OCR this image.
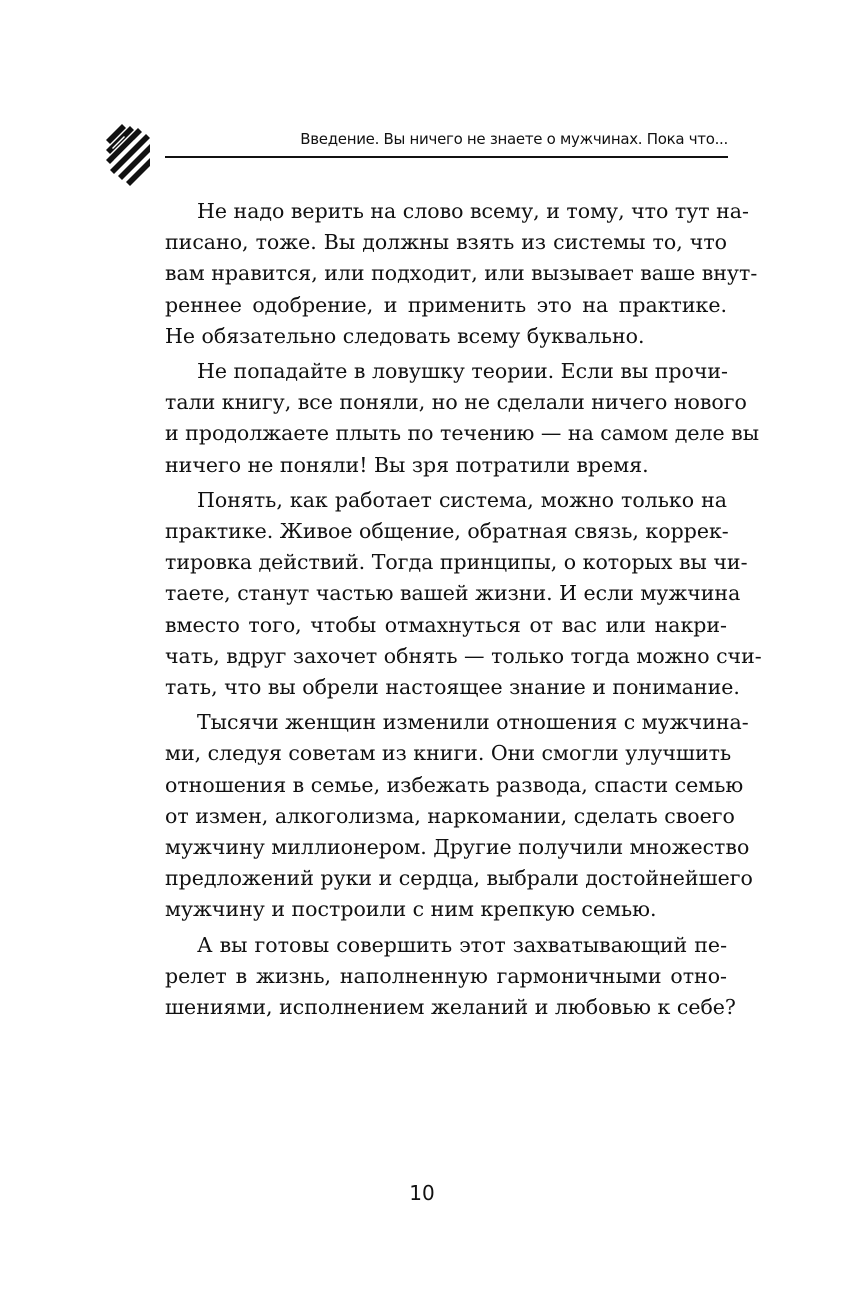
Введение. Вы ничего не знаете о мужчинах. Пока что...

Не надо верить на слово всему, и тому, что тут на-
писано, тоже. Вы должны взять из системы то, что
вам нравится, или подходит, или вызывает ваше внут-
реннее одобрение, и применить это на практике.
Не обязательно следовать всему буквально.

Не попадайте в ловушку теории. Если вы прочи-
тали книгу, все поняли, но не сделали ничего нового
и продолжаете плыть по течению — на самом деле вы
ничего не поняли! Вы зря потратили время.

Понять, как работает система, можно только на
практике. Живое общение, обратная связь, коррек-
тировка действий. Тогда принципы, о которых вы чи-
таете, станут частью вашей жизни. И если мужчина
вместо того, чтобы отмахнуться от вас или накри-
чать, вдруг захочет обнять — только тогда можно счи-
тать, что вы обрели настоящее знание и понимание.

Тысячи женщин изменили отношения с мужчина-
ми, следуя советам из книги. Они смогли улучшить
отношения в семье, избежать развода, спасти семью
от измен, алкоголизма, наркомании, сделать своего
мужчину миллионером. Другие получили множество
предложений руки и сердца, выбрали достойнейшего
мужчину и построили с ним крепкую семью.

А вы готовы совершить этот захватывающий пе-
релет в жизнь, наполненную гармоничными отно-
шениями, исполнением желаний и любовью к себе?

10
